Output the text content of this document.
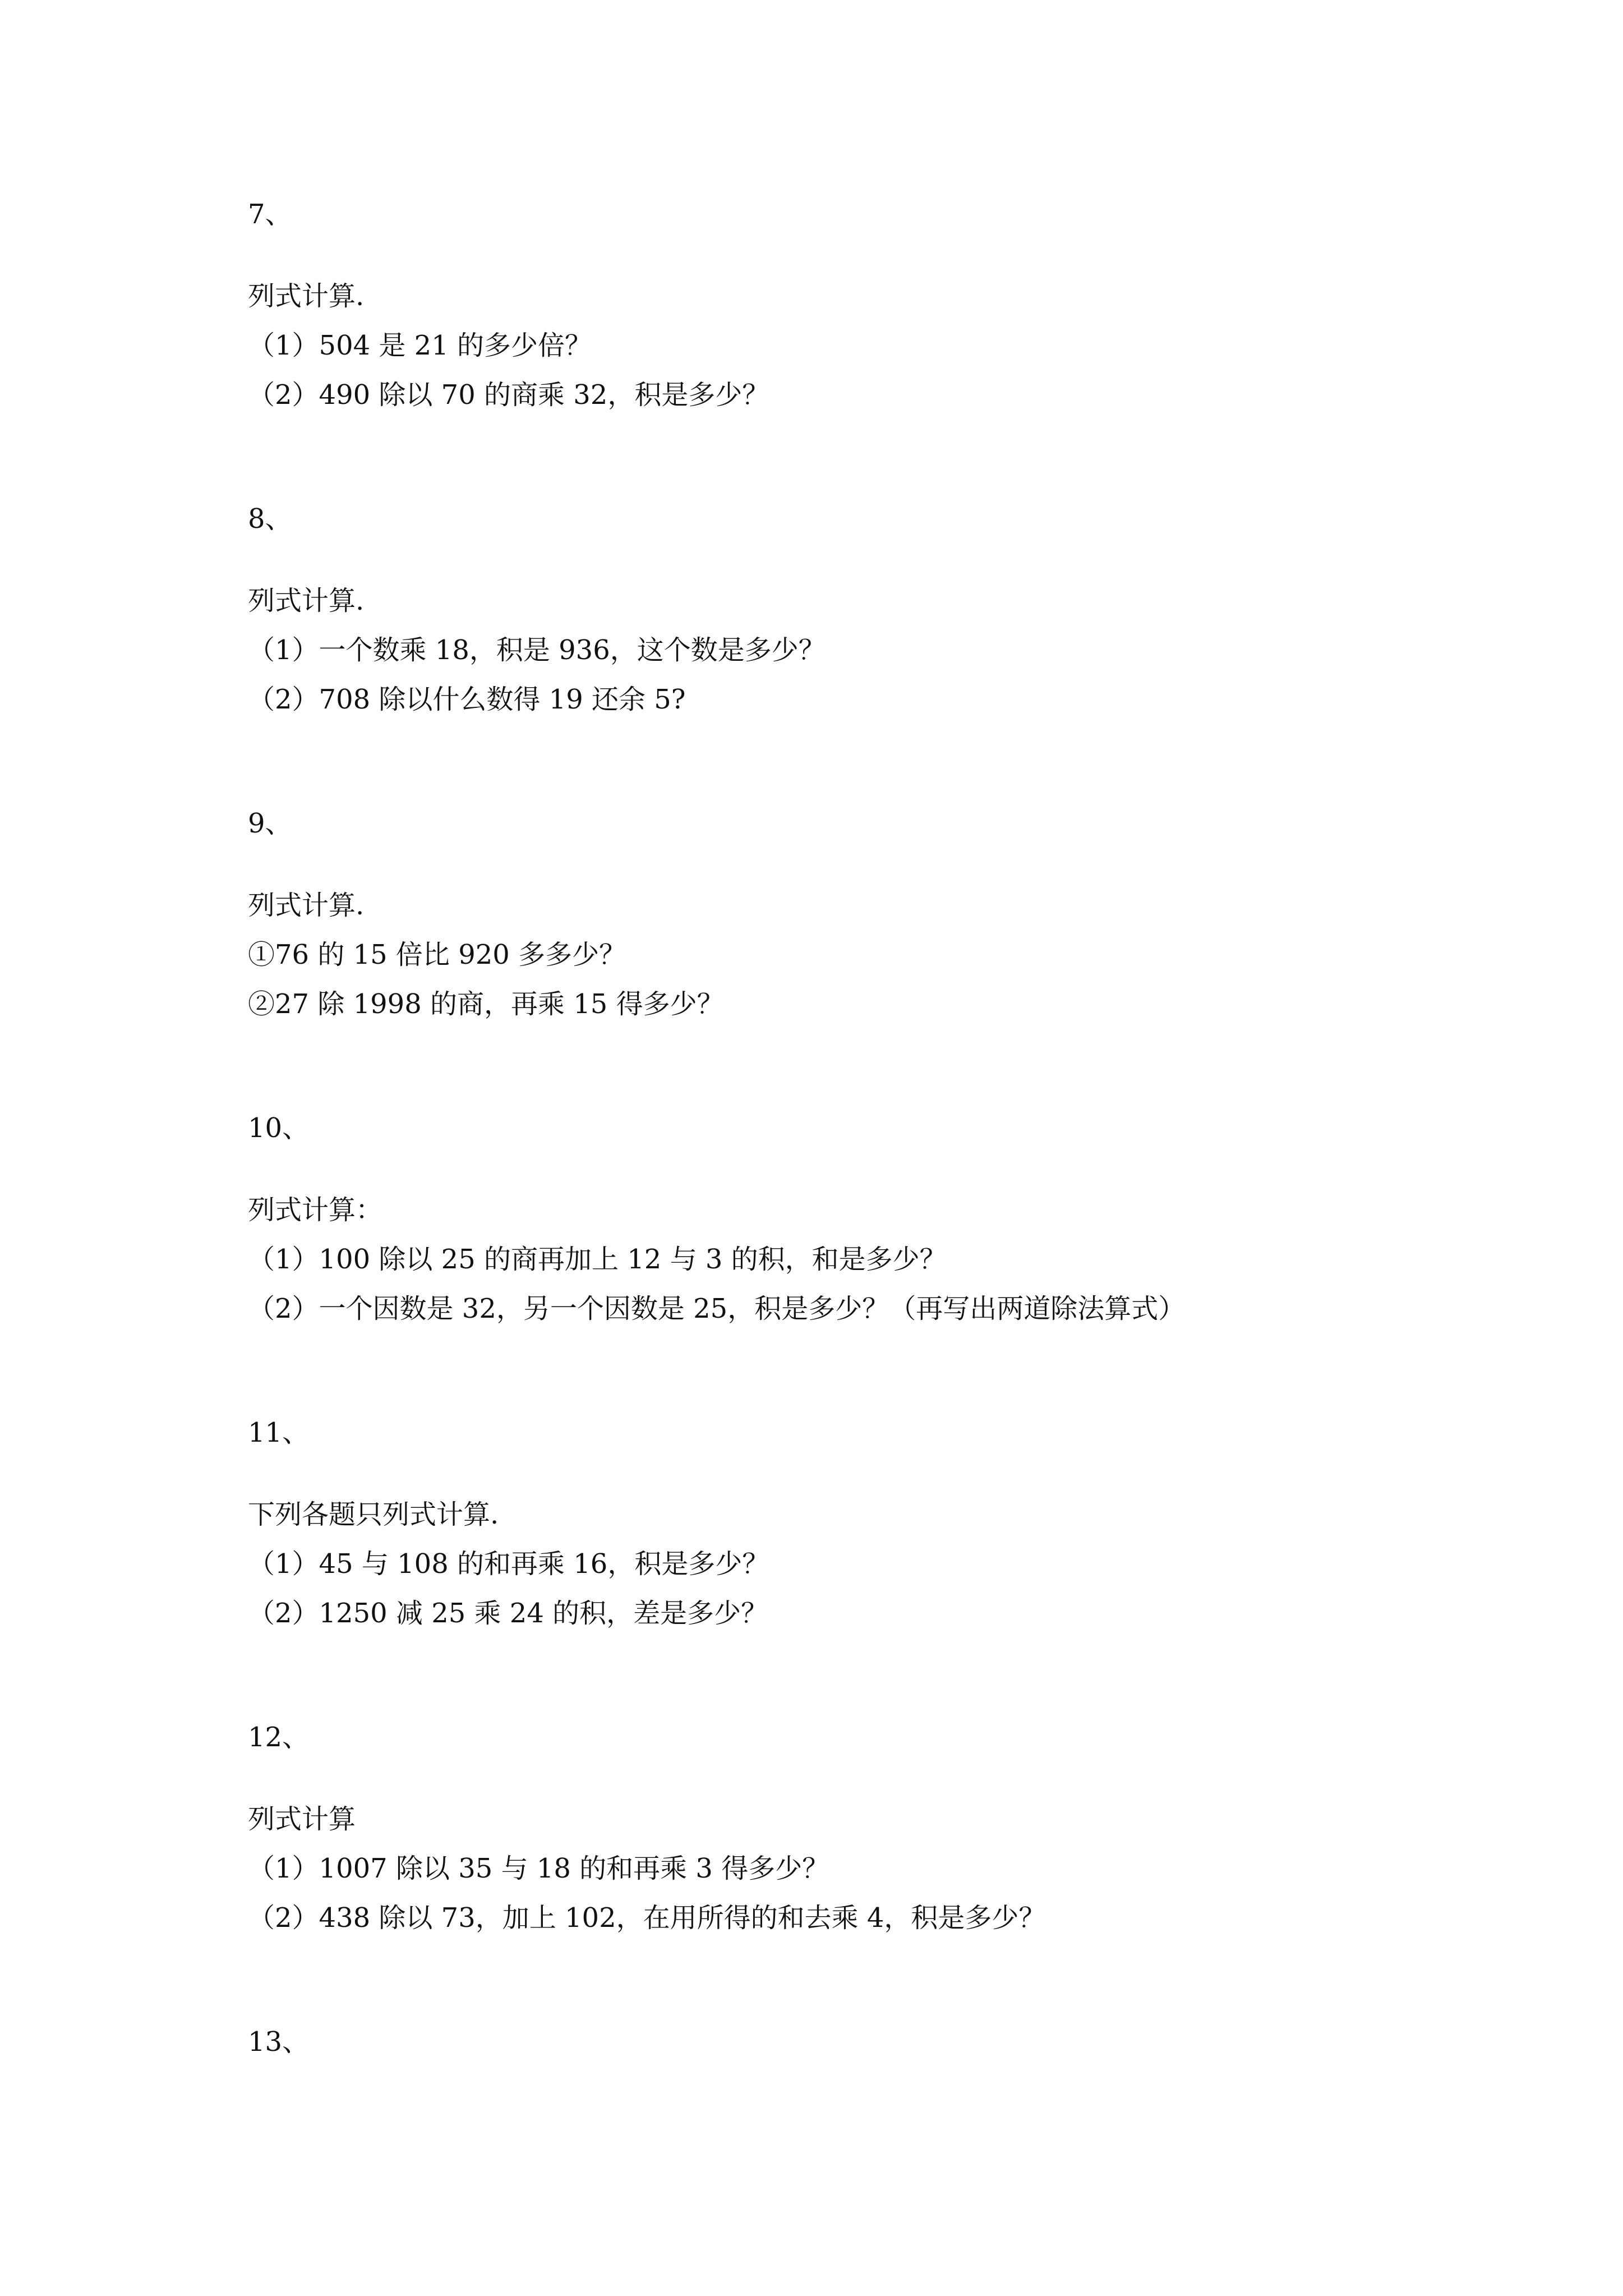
7、
列式计算.
（1）504 是 21 的多少倍？
（2）490 除以 70 的商乘 32，积是多少？
8、
列式计算.
（1）一个数乘 18，积是 936，这个数是多少？
（2）708 除以什么数得 19 还余 5?
9、
列式计算.
①76 的 15 倍比 920 多多少？
②27 除 1998 的商，再乘 15 得多少？
10、
列式计算：
（1）100 除以 25 的商再加上 12 与 3 的积，和是多少？
（2）一个因数是 32，另一个因数是 25，积是多少？（再写出两道除法算式）
11、
下列各题只列式计算.
（1）45 与 108 的和再乘 16，积是多少？
（2）1250 减 25 乘 24 的积，差是多少？
12、
列式计算
（1）1007 除以 35 与 18 的和再乘 3 得多少？
（2）438 除以 73，加上 102，在用所得的和去乘 4，积是多少？
13、
